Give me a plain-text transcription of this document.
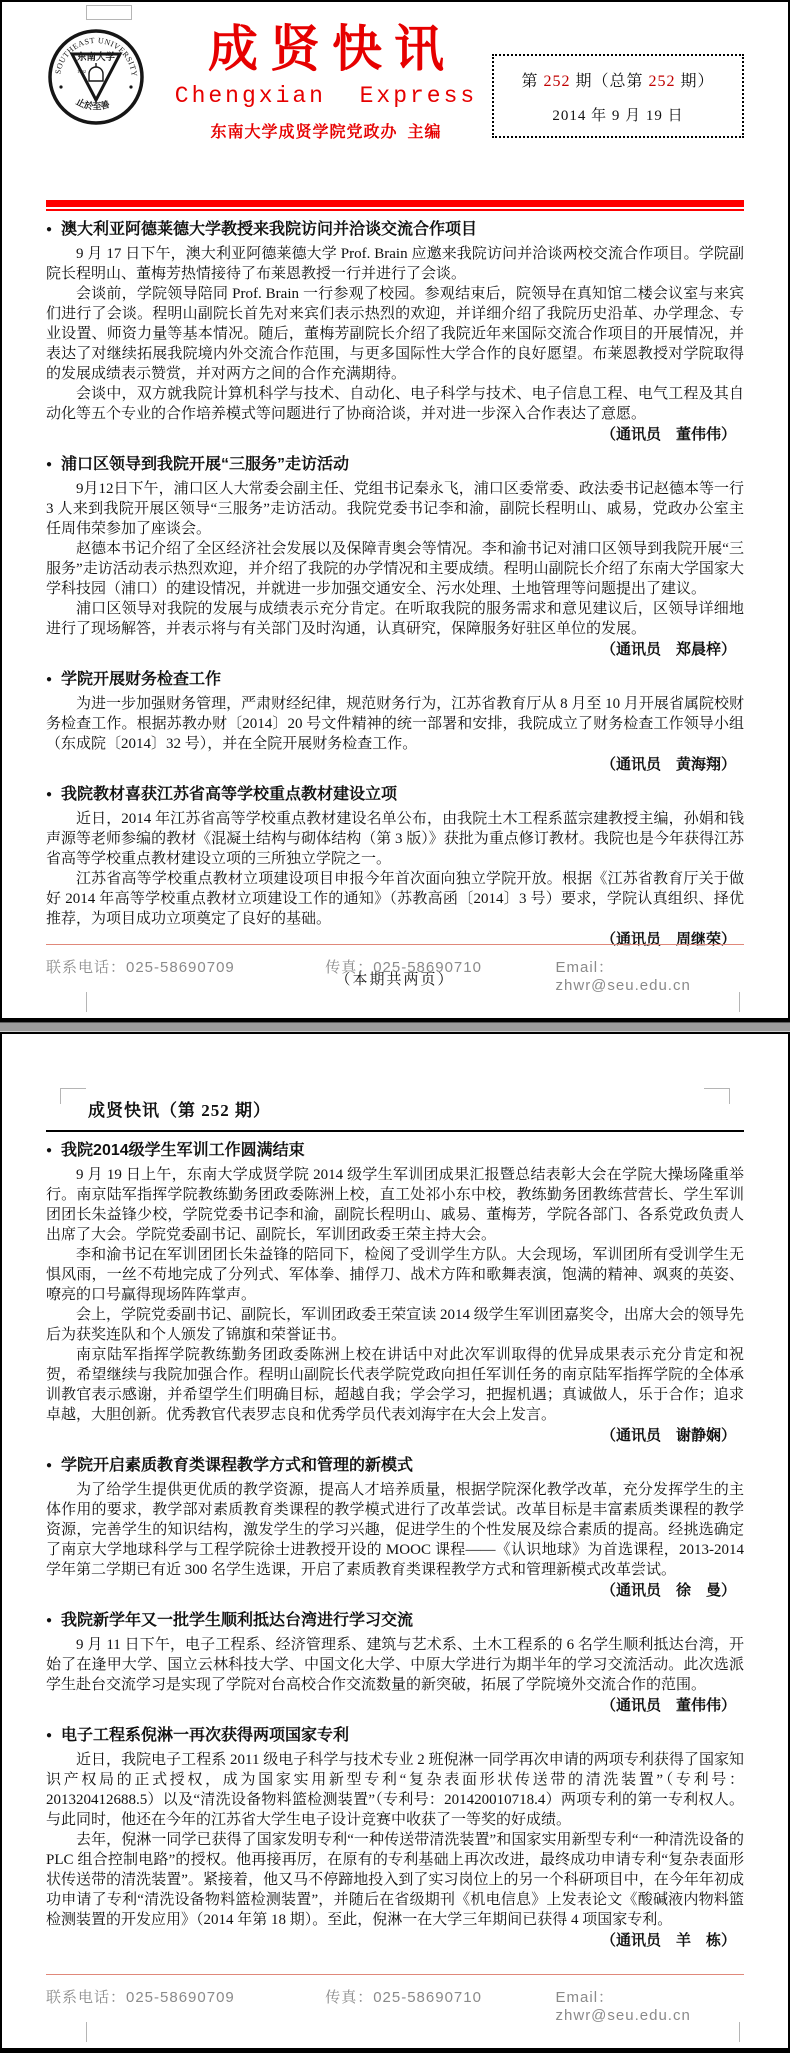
SOUTHEAST UNIVERSITY
东南大学
1902
止於至善
成贤快讯
Chengxian  Express
东南大学成贤学院党政办  主编
第 252 期（总第 252 期）
2014 年 9 月 19 日
● 澳大利亚阿德莱德大学教授来我院访问并洽谈交流合作项目

9 月 17 日下午，澳大利亚阿德莱德大学 Prof. Brain 应邀来我院访问并洽谈两校交流合作项目。学院副院长程明山、董梅芳热情接待了布莱恩教授一行并进行了会谈。

会谈前，学院领导陪同 Prof. Brain 一行参观了校园。参观结束后，院领导在真知馆二楼会议室与来宾们进行了会谈。程明山副院长首先对来宾们表示热烈的欢迎，并详细介绍了我院历史沿革、办学理念、专业设置、师资力量等基本情况。随后，董梅芳副院长介绍了我院近年来国际交流合作项目的开展情况，并表达了对继续拓展我院境内外交流合作范围，与更多国际性大学合作的良好愿望。布莱恩教授对学院取得的发展成绩表示赞赏，并对两方之间的合作充满期待。

会谈中，双方就我院计算机科学与技术、自动化、电子科学与技术、电子信息工程、电气工程及其自动化等五个专业的合作培养模式等问题进行了协商洽谈，并对进一步深入合作表达了意愿。

（通讯员　董伟伟）
● 浦口区领导到我院开展“三服务”走访活动

9月12日下午，浦口区人大常委会副主任、党组书记秦永飞，浦口区委常委、政法委书记赵德本等一行 3 人来到我院开展区领导“三服务”走访活动。我院党委书记李和渝，副院长程明山、戚易，党政办公室主任周伟荣参加了座谈会。

赵德本书记介绍了全区经济社会发展以及保障青奥会等情况。李和渝书记对浦口区领导到我院开展“三服务”走访活动表示热烈欢迎，并介绍了我院的办学情况和主要成绩。程明山副院长介绍了东南大学国家大学科技园（浦口）的建设情况，并就进一步加强交通安全、污水处理、土地管理等问题提出了建议。

浦口区领导对我院的发展与成绩表示充分肯定。在听取我院的服务需求和意见建议后，区领导详细地进行了现场解答，并表示将与有关部门及时沟通，认真研究，保障服务好驻区单位的发展。

（通讯员　郑晨梓）
● 学院开展财务检查工作

为进一步加强财务管理，严肃财经纪律，规范财务行为，江苏省教育厅从 8 月至 10 月开展省属院校财务检查工作。根据苏教办财〔2014〕20 号文件精神的统一部署和安排，我院成立了财务检查工作领导小组（东成院〔2014〕32 号），并在全院开展财务检查工作。

（通讯员　黄海翔）
● 我院教材喜获江苏省高等学校重点教材建设立项

近日，2014 年江苏省高等学校重点教材建设名单公布，由我院土木工程系蓝宗建教授主编，孙娟和钱声源等老师参编的教材《混凝土结构与砌体结构（第 3 版）》获批为重点修订教材。我院也是今年获得江苏省高等学校重点教材建设立项的三所独立学院之一。

江苏省高等学校重点教材立项建设项目申报今年首次面向独立学院开放。根据《江苏省教育厅关于做好 2014 年高等学校重点教材立项建设工作的通知》（苏教高函〔2014〕3 号）要求，学院认真组织、择优推荐，为项目成功立项奠定了良好的基础。

（通讯员　周继荣）
（本期共两页）
联系电话：025-58690709	传真：025-58690710	Email：zhwr@seu.edu.cn
成贤快讯（第 252 期）
● 我院2014级学生军训工作圆满结束

9 月 19 日上午，东南大学成贤学院 2014 级学生军训团成果汇报暨总结表彰大会在学院大操场隆重举行。南京陆军指挥学院教练勤务团政委陈洲上校，直工处祁小东中校，教练勤务团教练营营长、学生军训团团长朱益锋少校，学院党委书记李和渝，副院长程明山、戚易、董梅芳，学院各部门、各系党政负责人出席了大会。学院党委副书记、副院长，军训团政委王荣主持大会。

李和渝书记在军训团团长朱益锋的陪同下，检阅了受训学生方队。大会现场，军训团所有受训学生无惧风雨，一丝不苟地完成了分列式、军体拳、捕俘刀、战术方阵和歌舞表演，饱满的精神、飒爽的英姿、嘹亮的口号赢得现场阵阵掌声。

会上，学院党委副书记、副院长，军训团政委王荣宣读 2014 级学生军训团嘉奖令，出席大会的领导先后为获奖连队和个人颁发了锦旗和荣誉证书。

南京陆军指挥学院教练勤务团政委陈洲上校在讲话中对此次军训取得的优异成果表示充分肯定和祝贺，希望继续与我院加强合作。程明山副院长代表学院党政向担任军训任务的南京陆军指挥学院的全体承训教官表示感谢，并希望学生们明确目标，超越自我；学会学习，把握机遇；真诚做人，乐于合作；追求卓越，大胆创新。优秀教官代表罗志良和优秀学员代表刘海宇在大会上发言。

（通讯员　谢静娴）
● 学院开启素质教育类课程教学方式和管理的新模式

为了给学生提供更优质的教学资源，提高人才培养质量，根据学院深化教学改革，充分发挥学生的主体作用的要求，教学部对素质教育类课程的教学模式进行了改革尝试。改革目标是丰富素质类课程的教学资源，完善学生的知识结构，激发学生的学习兴趣，促进学生的个性发展及综合素质的提高。经挑选确定了南京大学地球科学与工程学院徐士进教授开设的 MOOC 课程——《认识地球》为首选课程，2013-2014 学年第二学期已有近 300 名学生选课，开启了素质教育类课程教学方式和管理新模式改革尝试。

（通讯员　徐　曼）
● 我院新学年又一批学生顺利抵达台湾进行学习交流

9 月 11 日下午，电子工程系、经济管理系、建筑与艺术系、土木工程系的 6 名学生顺利抵达台湾，开始了在逢甲大学、国立云林科技大学、中国文化大学、中原大学进行为期半年的学习交流活动。此次选派学生赴台交流学习是实现了学院对台高校合作交流数量的新突破，拓展了学院境外交流合作的范围。

（通讯员　董伟伟）
● 电子工程系倪淋一再次获得两项国家专利

近日，我院电子工程系 2011 级电子科学与技术专业 2 班倪淋一同学再次申请的两项专利获得了国家知识产权局的正式授权，成为国家实用新型专利“复杂表面形状传送带的清洗装置”（专利号：201320412688.5）以及“清洗设备物料篮检测装置”（专利号：201420010718.4）两项专利的第一专利权人。与此同时，他还在今年的江苏省大学生电子设计竞赛中收获了一等奖的好成绩。

去年，倪淋一同学已获得了国家发明专利“一种传送带清洗装置”和国家实用新型专利“一种清洗设备的 PLC 组合控制电路”的授权。他再接再厉，在原有的专利基础上再次改进，最终成功申请专利“复杂表面形状传送带的清洗装置”。紧接着，他又马不停蹄地投入到了实习岗位上的另一个科研项目中，在今年年初成功申请了专利“清洗设备物料篮检测装置”，并随后在省级期刊《机电信息》上发表论文《酸碱液内物料篮检测装置的开发应用》（2014 年第 18 期）。至此，倪淋一在大学三年期间已获得 4 项国家专利。

（通讯员　羊　栋）
联系电话：025-58690709	传真：025-58690710	Email：zhwr@seu.edu.cn
